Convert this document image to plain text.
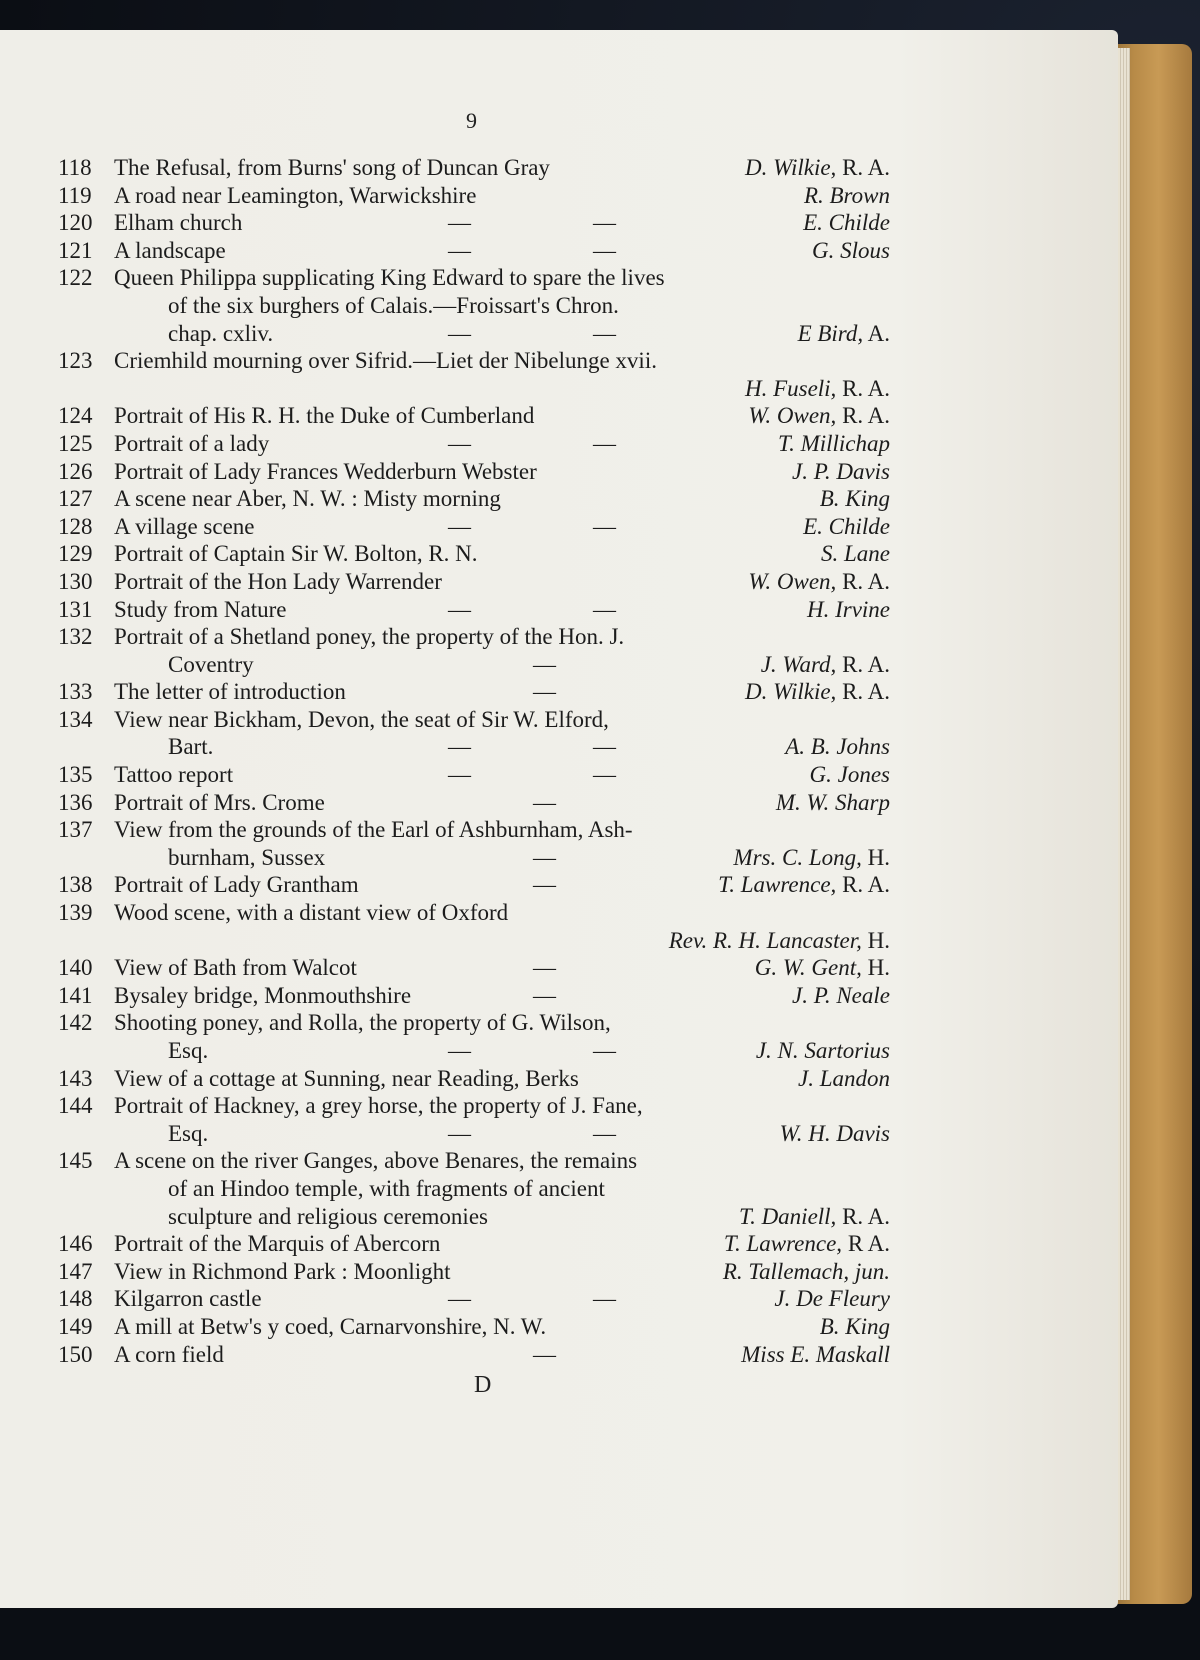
9
118 The Refusal, from Burns' song of Duncan Gray	D. Wilkie, R. A.
119 A road near Leamington, Warwickshire	R. Brown
120 Elham church	—	—	E. Childe
121 A landscape	—	—	G. Slous
122 Queen Philippa supplicating King Edward to spare the lives
of the six burghers of Calais.—Froissart's Chron.
chap. cxliv.	—	—	E Bird, A.
123 Criemhild mourning over Sifrid.—Liet der Nibelunge xvii.
H. Fuseli, R. A.
124 Portrait of His R. H. the Duke of Cumberland	W. Owen, R. A.
125 Portrait of a lady	—	—	T. Millichap
126 Portrait of Lady Frances Wedderburn Webster	J. P. Davis
127 A scene near Aber, N. W. : Misty morning	B. King
128 A village scene	—	—	E. Childe
129 Portrait of Captain Sir W. Bolton, R. N.	S. Lane
130 Portrait of the Hon Lady Warrender	W. Owen, R. A.
131 Study from Nature	—	—	H. Irvine
132 Portrait of a Shetland poney, the property of the Hon. J.
Coventry	—	J. Ward, R. A.
133 The letter of introduction	—	D. Wilkie, R. A.
134 View near Bickham, Devon, the seat of Sir W. Elford,
Bart.	—	—	A. B. Johns
135 Tattoo report	—	—	G. Jones
136 Portrait of Mrs. Crome	—	M. W. Sharp
137 View from the grounds of the Earl of Ashburnham, Ash-
burnham, Sussex	—	Mrs. C. Long, H.
138 Portrait of Lady Grantham	—	T. Lawrence, R. A.
139 Wood scene, with a distant view of Oxford
Rev. R. H. Lancaster, H.
140 View of Bath from Walcot	—	G. W. Gent, H.
141 Bysaley bridge, Monmouthshire	—	J. P. Neale
142 Shooting poney, and Rolla, the property of G. Wilson,
Esq.	—	—	J. N. Sartorius
143 View of a cottage at Sunning, near Reading, Berks	J. Landon
144 Portrait of Hackney, a grey horse, the property of J. Fane,
Esq.	—	—	W. H. Davis
145 A scene on the river Ganges, above Benares, the remains
of an Hindoo temple, with fragments of ancient
sculpture and religious ceremonies	T. Daniell, R. A.
146 Portrait of the Marquis of Abercorn	T. Lawrence, R A.
147 View in Richmond Park : Moonlight	R. Tallemach, jun.
148 Kilgarron castle	—	—	J. De Fleury
149 A mill at Betw's y coed, Carnarvonshire, N. W.	B. King
150 A corn field	—	Miss E. Maskall
D
